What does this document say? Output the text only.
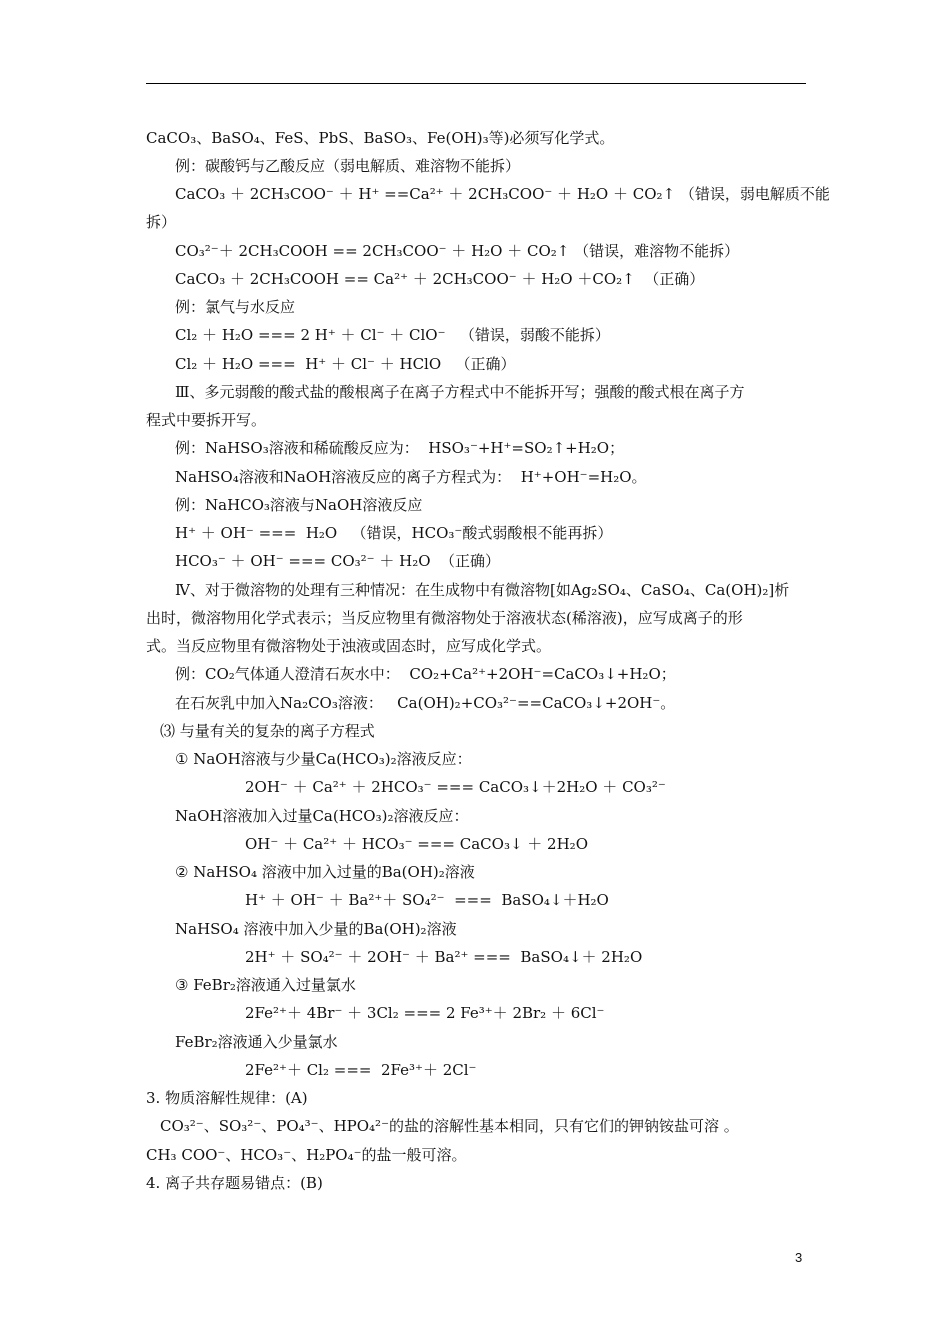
CaCO₃、BaSO₄、FeS、PbS、BaSO₃、Fe(OH)₃等)必须写化学式。
例：碳酸钙与乙酸反应（弱电解质、难溶物不能拆）
CaCO₃ ＋ 2CH₃COO⁻ ＋ H⁺ ==Ca²⁺ ＋ 2CH₃COO⁻ ＋ H₂O ＋ CO₂↑ （错误，弱电解质不能
拆）
CO₃²⁻＋ 2CH₃COOH == 2CH₃COO⁻ ＋ H₂O ＋ CO₂↑ （错误，难溶物不能拆）
CaCO₃ ＋ 2CH₃COOH == Ca²⁺ ＋ 2CH₃COO⁻ ＋ H₂O ＋CO₂↑  （正确）
例：氯气与水反应
Cl₂ ＋ H₂O === 2 H⁺ ＋ Cl⁻ ＋ ClO⁻   （错误，弱酸不能拆）
Cl₂ ＋ H₂O ===  H⁺ ＋ Cl⁻ ＋ HClO   （正确）
Ⅲ、多元弱酸的酸式盐的酸根离子在离子方程式中不能拆开写；强酸的酸式根在离子方
程式中要拆开写。
例：NaHSO₃溶液和稀硫酸反应为：  HSO₃⁻+H⁺=SO₂↑+H₂O；
NaHSO₄溶液和NaOH溶液反应的离子方程式为：  H⁺+OH⁻=H₂O。
例：NaHCO₃溶液与NaOH溶液反应
H⁺ ＋ OH⁻ ===  H₂O   （错误，HCO₃⁻酸式弱酸根不能再拆）
HCO₃⁻ ＋ OH⁻ === CO₃²⁻ ＋ H₂O  （正确）
Ⅳ、对于微溶物的处理有三种情况：在生成物中有微溶物[如Ag₂SO₄、CaSO₄、Ca(OH)₂]析
出时，微溶物用化学式表示；当反应物里有微溶物处于溶液状态(稀溶液)，应写成离子的形
式。当反应物里有微溶物处于浊液或固态时，应写成化学式。
例：CO₂气体通人澄清石灰水中：  CO₂+Ca²⁺+2OH⁻=CaCO₃↓+H₂O；
在石灰乳中加入Na₂CO₃溶液：   Ca(OH)₂+CO₃²⁻==CaCO₃↓+2OH⁻。
⑶ 与量有关的复杂的离子方程式
① NaOH溶液与少量Ca(HCO₃)₂溶液反应：
2OH⁻ ＋ Ca²⁺ ＋ 2HCO₃⁻ === CaCO₃↓＋2H₂O ＋ CO₃²⁻
NaOH溶液加入过量Ca(HCO₃)₂溶液反应：
OH⁻ ＋ Ca²⁺ ＋ HCO₃⁻ === CaCO₃↓ ＋ 2H₂O
② NaHSO₄ 溶液中加入过量的Ba(OH)₂溶液
H⁺ ＋ OH⁻ ＋ Ba²⁺＋ SO₄²⁻  ===  BaSO₄↓＋H₂O
NaHSO₄ 溶液中加入少量的Ba(OH)₂溶液
2H⁺ ＋ SO₄²⁻ ＋ 2OH⁻ ＋ Ba²⁺ ===  BaSO₄↓＋ 2H₂O
③ FeBr₂溶液通入过量氯水
2Fe²⁺＋ 4Br⁻ ＋ 3Cl₂ === 2 Fe³⁺＋ 2Br₂ ＋ 6Cl⁻
FeBr₂溶液通入少量氯水
2Fe²⁺＋ Cl₂ ===  2Fe³⁺＋ 2Cl⁻
3. 物质溶解性规律：(A)
CO₃²⁻、SO₃²⁻、PO₄³⁻、HPO₄²⁻的盐的溶解性基本相同，只有它们的钾钠铵盐可溶 。
CH₃ COO⁻、HCO₃⁻、H₂PO₄⁻的盐一般可溶。
4. 离子共存题易错点：(B)
3
